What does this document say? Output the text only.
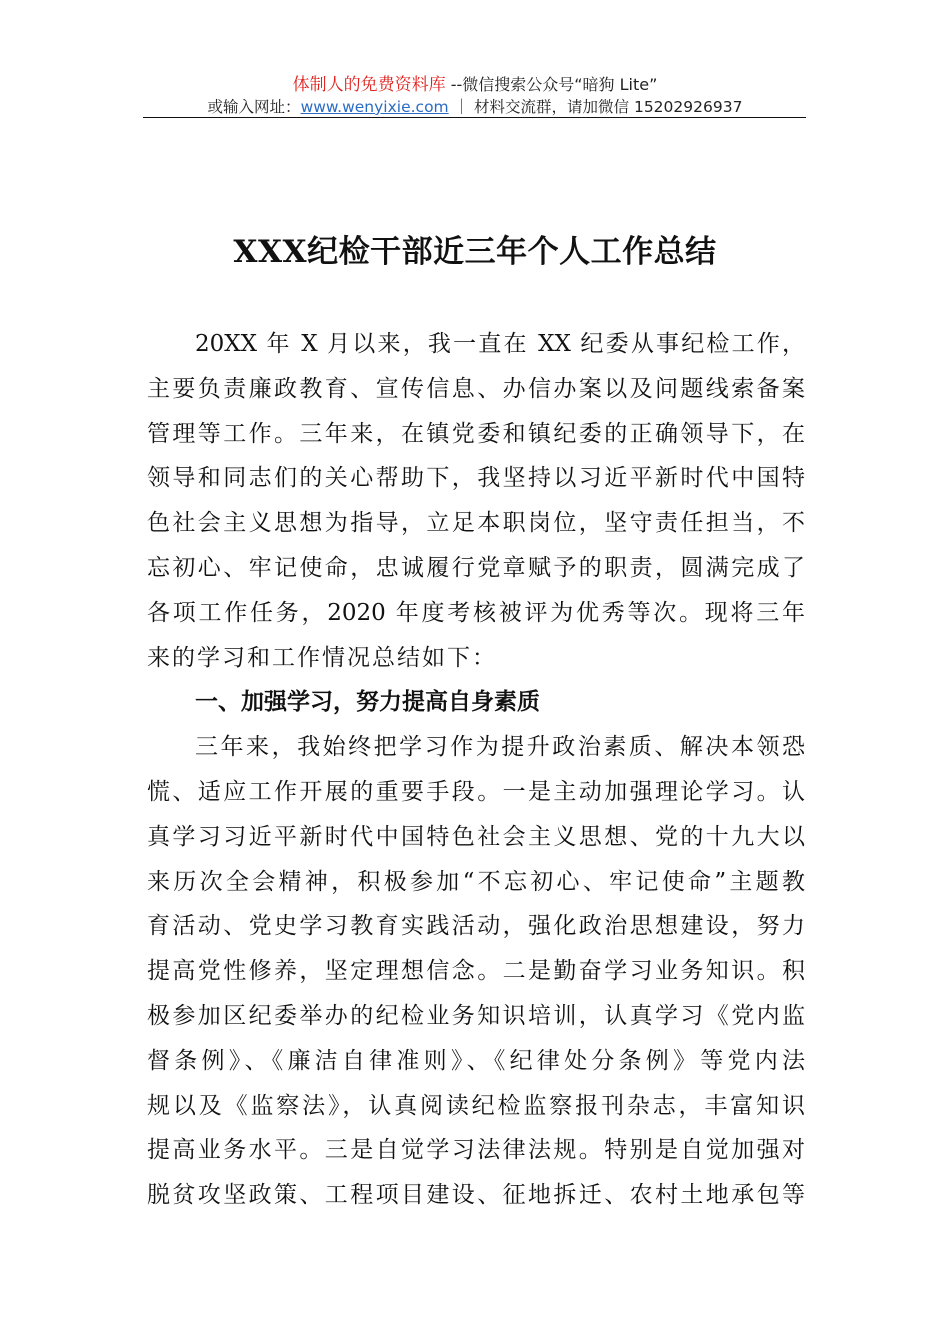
体制人的免费资料库 --微信搜索公众号“暗狗 Lite”
或输入网址：www.wenyixie.com ｜ 材料交流群，请加微信 15202926937
XXX纪检干部近三年个人工作总结
20XX 年 X 月以来，我一直在 XX 纪委从事纪检工作，
主要负责廉政教育、宣传信息、办信办案以及问题线索备案
管理等工作。三年来，在镇党委和镇纪委的正确领导下，在
领导和同志们的关心帮助下，我坚持以习近平新时代中国特
色社会主义思想为指导，立足本职岗位，坚守责任担当，不
忘初心、牢记使命，忠诚履行党章赋予的职责，圆满完成了
各项工作任务，2020 年度考核被评为优秀等次。现将三年
来的学习和工作情况总结如下：
一、加强学习，努力提高自身素质
三年来，我始终把学习作为提升政治素质、解决本领恐
慌、适应工作开展的重要手段。一是主动加强理论学习。认
真学习习近平新时代中国特色社会主义思想、党的十九大以
来历次全会精神，积极参加“不忘初心、牢记使命”主题教
育活动、党史学习教育实践活动，强化政治思想建设，努力
提高党性修养，坚定理想信念。二是勤奋学习业务知识。积
极参加区纪委举办的纪检业务知识培训，认真学习《党内监
督条例》、《廉洁自律准则》、《纪律处分条例》等党内法
规以及《监察法》，认真阅读纪检监察报刊杂志，丰富知识
提高业务水平。三是自觉学习法律法规。特别是自觉加强对
脱贫攻坚政策、工程项目建设、征地拆迁、农村土地承包等
